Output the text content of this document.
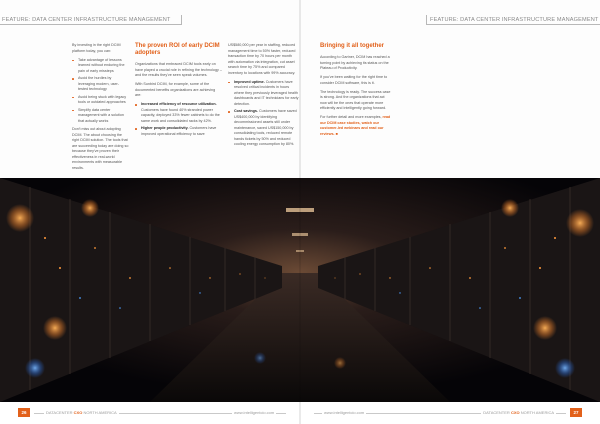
FEATURE: DATA CENTER INFRASTRUCTURE MANAGEMENT	FEATURE: DATA CENTER INFRASTRUCTURE MANAGEMENT

By investing in the right DCIM platform today, you can:

Take advantage of lessons learned without enduring the pain of early missteps
Avoid the hurdles by leveraging modern, user-tested technology
Avoid being stuck with legacy tools or outdated approaches
Simplify data center management with a solution that actually works

Don't miss out about adopting DCIM. The about choosing the right DCIM solution. The tools that are succeeding today are doing so because they've proven their effectiveness in real-world environments with measurable results.

The proven ROI of early DCIM adopters

Organizations that embraced DCIM tools early on have played a crucial role in refining the technology – and the results they've seen speak volumes.

With Sunbird DCIM, for example, some of the documented benefits organizations are achieving are:

Increased efficiency of resource utilization. Customers have found 40% stranded power capacity, deployed 33% fewer cabinets to do the same work and consolidated racks by 42%.
Higher people productivity. Customers have improved operational efficiency to save

US$580,000 per year in staffing, reduced management time to 50% faster, reduced transaction time by 70 hours per month with automation via integration, cut asset search time by 75% and compared inventory to locations with 99% accuracy.

Improved uptime. Customers have resolved critical incidents in hours where they previously leveraged health dashboards and IT technicians for early detection.
Cost savings. Customers have saved US$400,000 by identifying decommissioned assets still under maintenance, saved US$150,000 by consolidating tools, reduced remote hands tickets by 50% and reduced cooling energy consumption by 80%.
Bringing it all together

According to Gartner, DCIM has reached a turning point by achieving its status on the Plateau of Productivity.

If you've been waiting for the right time to consider DCIM software, this is it.

The technology is ready. The success case is strong. And the organizations that act now will be the ones that operate more efficiently and intelligently going forward.

For further detail and more examples, read our DCIM case studies, watch our customer-led webinars and read our reviews. ■

26	DATACENTER CXO NORTH AMERICA	www.intelligentcio.com	www.intelligentcio.com	DATACENTER CXO NORTH AMERICA	27
